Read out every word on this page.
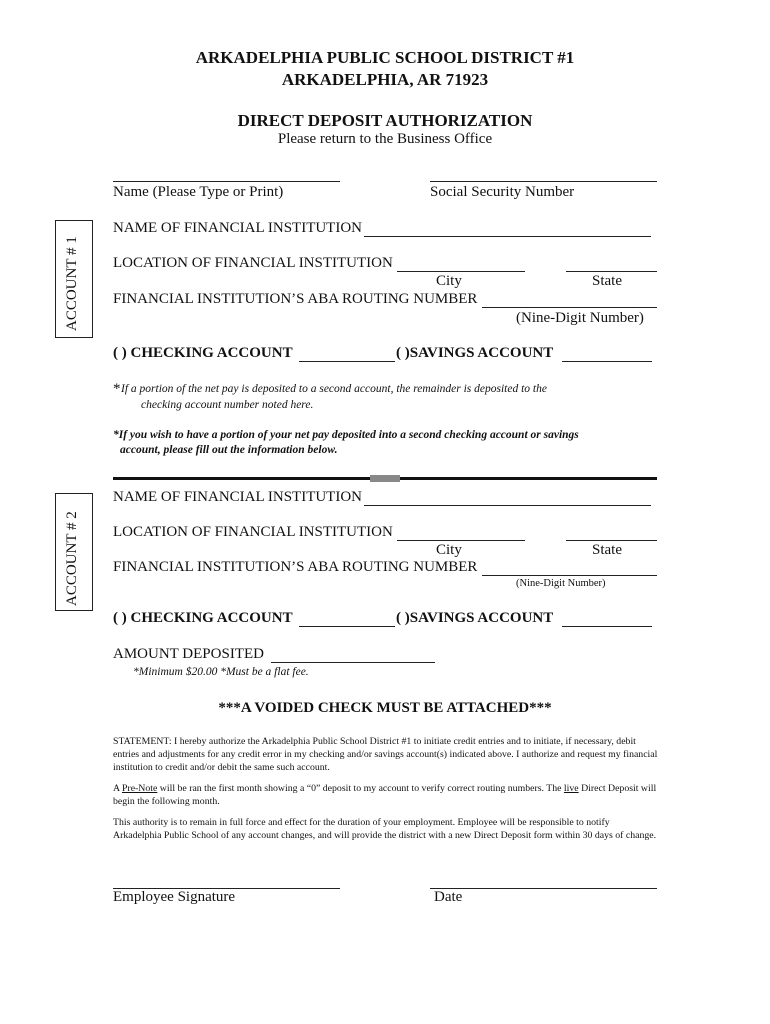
ARKADELPHIA PUBLIC SCHOOL DISTRICT #1
ARKADELPHIA, AR 71923
DIRECT DEPOSIT AUTHORIZATION
Please return to the Business Office
Name (Please Type or Print)	Social Security Number
ACCOUNT # 1
NAME OF FINANCIAL INSTITUTION
LOCATION OF FINANCIAL INSTITUTION
City	State
FINANCIAL INSTITUTION’S ABA ROUTING NUMBER
(Nine-Digit Number)
( ) CHECKING ACCOUNT	( )SAVINGS ACCOUNT
* If a portion of the net pay is deposited to a second account, the remainder is deposited to the
checking account number noted here.
*If you wish to have a portion of your net pay deposited into a second checking account or savings
account, please fill out the information below.
ACCOUNT # 2
NAME OF FINANCIAL INSTITUTION
LOCATION OF FINANCIAL INSTITUTION
City	State
FINANCIAL INSTITUTION’S ABA ROUTING NUMBER
(Nine-Digit Number)
( ) CHECKING ACCOUNT	( )SAVINGS ACCOUNT
AMOUNT DEPOSITED
*Minimum $20.00 *Must be a flat fee.
***A VOIDED CHECK MUST BE ATTACHED***
STATEMENT: I hereby authorize the Arkadelphia Public School District #1 to initiate credit entries and to initiate, if necessary, debit entries and adjustments for any credit error in my checking and/or savings account(s) indicated above. I authorize and request my financial institution to credit and/or debit the same such account.
A Pre-Note will be ran the first month showing a “0” deposit to my account to verify correct routing numbers. The live Direct Deposit will begin the following month.
This authority is to remain in full force and effect for the duration of your employment. Employee will be responsible to notify Arkadelphia Public School of any account changes, and will provide the district with a new Direct Deposit form within 30 days of change.
Employee Signature	Date
